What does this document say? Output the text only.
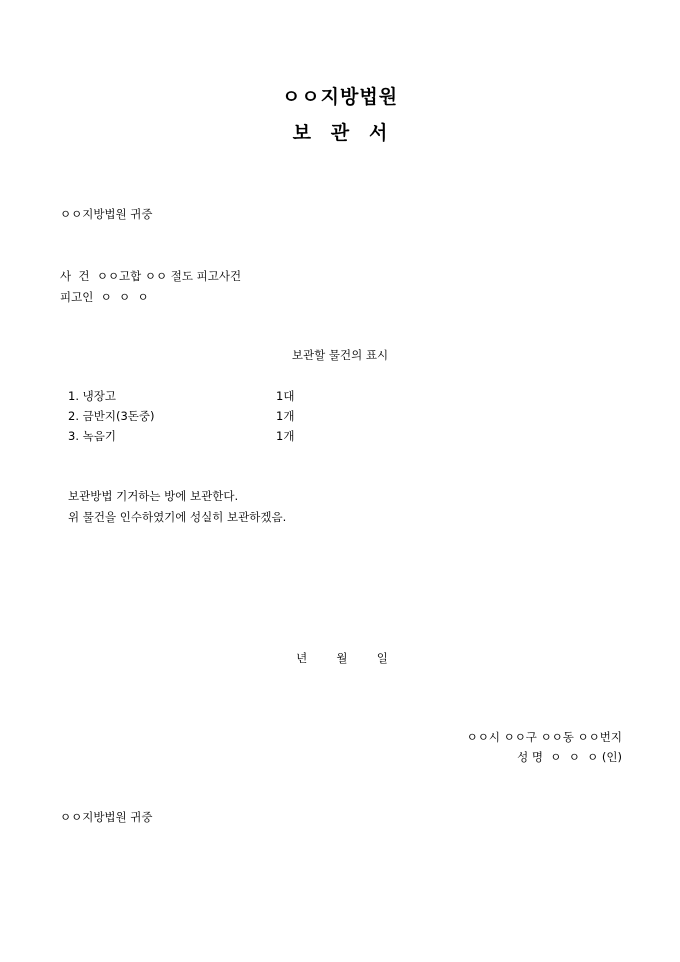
ㅇㅇ지방법원
보   관   서
ㅇㅇ지방법원 귀중
사  건  ㅇㅇ고합 ㅇㅇ 절도 피고사건
피고인  ㅇ  ㅇ  ㅇ
보관할 물건의 표시
1. 냉장고	1대
2. 금반지(3돈중)	1개
3. 녹음기	1개
보관방법 기거하는 방에 보관한다.
위 물건을 인수하였기에 성실히 보관하겠음.
년        월        일
ㅇㅇ시 ㅇㅇ구 ㅇㅇ동 ㅇㅇ번지
성 명  ㅇ  ㅇ  ㅇ (인)
ㅇㅇ지방법원 귀중
